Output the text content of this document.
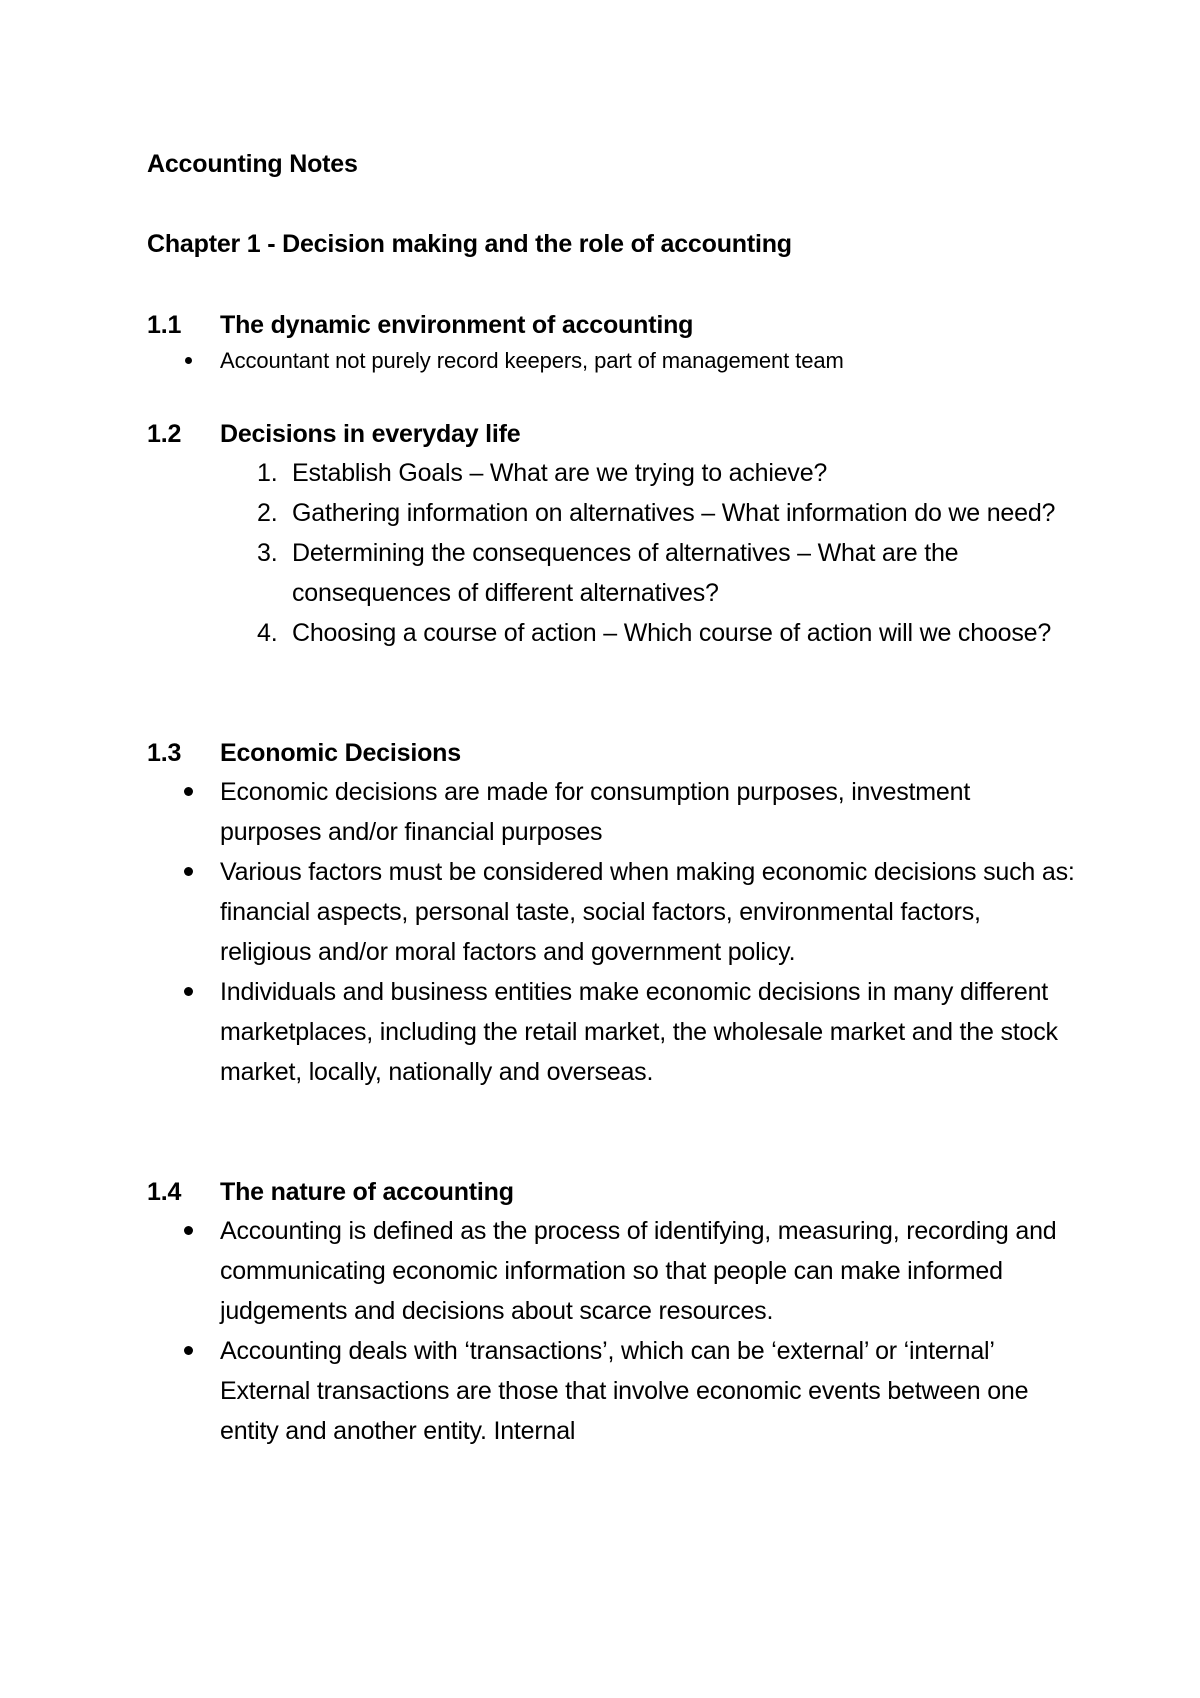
Accounting Notes
Chapter 1 - Decision making and the role of accounting
1.1 The dynamic environment of accounting
Accountant not purely record keepers, part of management team
1.2 Decisions in everyday life
1. Establish Goals – What are we trying to achieve?
2. Gathering information on alternatives – What information do we need?
3. Determining the consequences of alternatives – What are the consequences of different alternatives?
4. Choosing a course of action – Which course of action will we choose?
1.3 Economic Decisions
Economic decisions are made for consumption purposes, investment purposes and/or financial purposes
Various factors must be considered when making economic decisions such as: financial aspects, personal taste, social factors, environmental factors, religious and/or moral factors and government policy.
Individuals and business entities make economic decisions in many different marketplaces, including the retail market, the wholesale market and the stock market, locally, nationally and overseas.
1.4 The nature of accounting
Accounting is defined as the process of identifying, measuring, recording and communicating economic information so that people can make informed judgements and decisions about scarce resources.
Accounting deals with ‘transactions’, which can be ‘external’ or ‘internal’ External transactions are those that involve economic events between one entity and another entity. Internal
